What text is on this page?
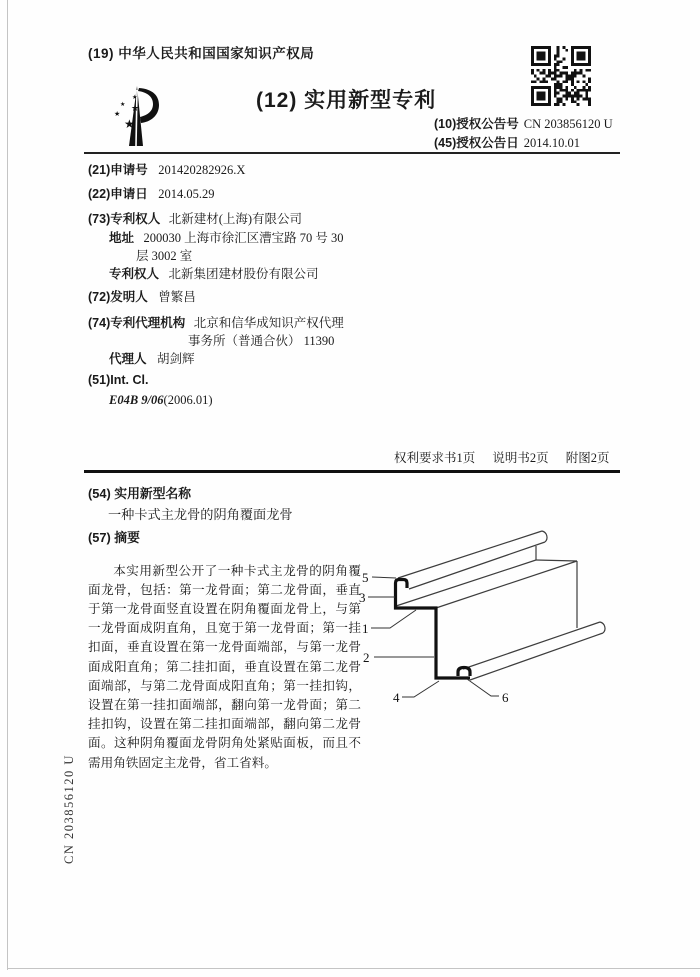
(19) 中华人民共和国国家知识产权局
★
★
★
★
★	(12) 实用新型专利
(10)授权公告号 CN 203856120 U
(45)授权公告日 2014.10.01
(21)申请号 201420282926.X
(22)申请日 2014.05.29
(73)专利权人 北新建材(上海)有限公司
地址 200030 上海市徐汇区漕宝路 70 号 30
层 3002 室
专利权人 北新集团建材股份有限公司
(72)发明人 曾繁昌
(74)专利代理机构 北京和信华成知识产权代理
事务所（普通合伙） 11390
代理人 胡剑辉
(51)Int. Cl.
E04B 9/06(2006.01)
权利要求书1页 说明书2页 附图2页
(54) 实用新型名称
一种卡式主龙骨的阴角覆面龙骨
(57) 摘要

本实用新型公开了一种卡式主龙骨的阴角覆面龙骨，包括：第一龙骨面；第二龙骨面，垂直于第一龙骨面竖直设置在阴角覆面龙骨上，与第一龙骨面成阴直角，且宽于第一龙骨面；第一挂扣面，垂直设置在第一龙骨面端部，与第一龙骨面成阳直角；第二挂扣面，垂直设置在第二龙骨面端部，与第二龙骨面成阳直角；第一挂扣钩，设置在第一挂扣面端部，翻向第一龙骨面；第二挂扣钩，设置在第二挂扣面端部，翻向第二龙骨面。这种阴角覆面龙骨阴角处紧贴面板，而且不需用角铁固定主龙骨，省工省料。

5
3
1
2
4	6
CN 203856120 U
